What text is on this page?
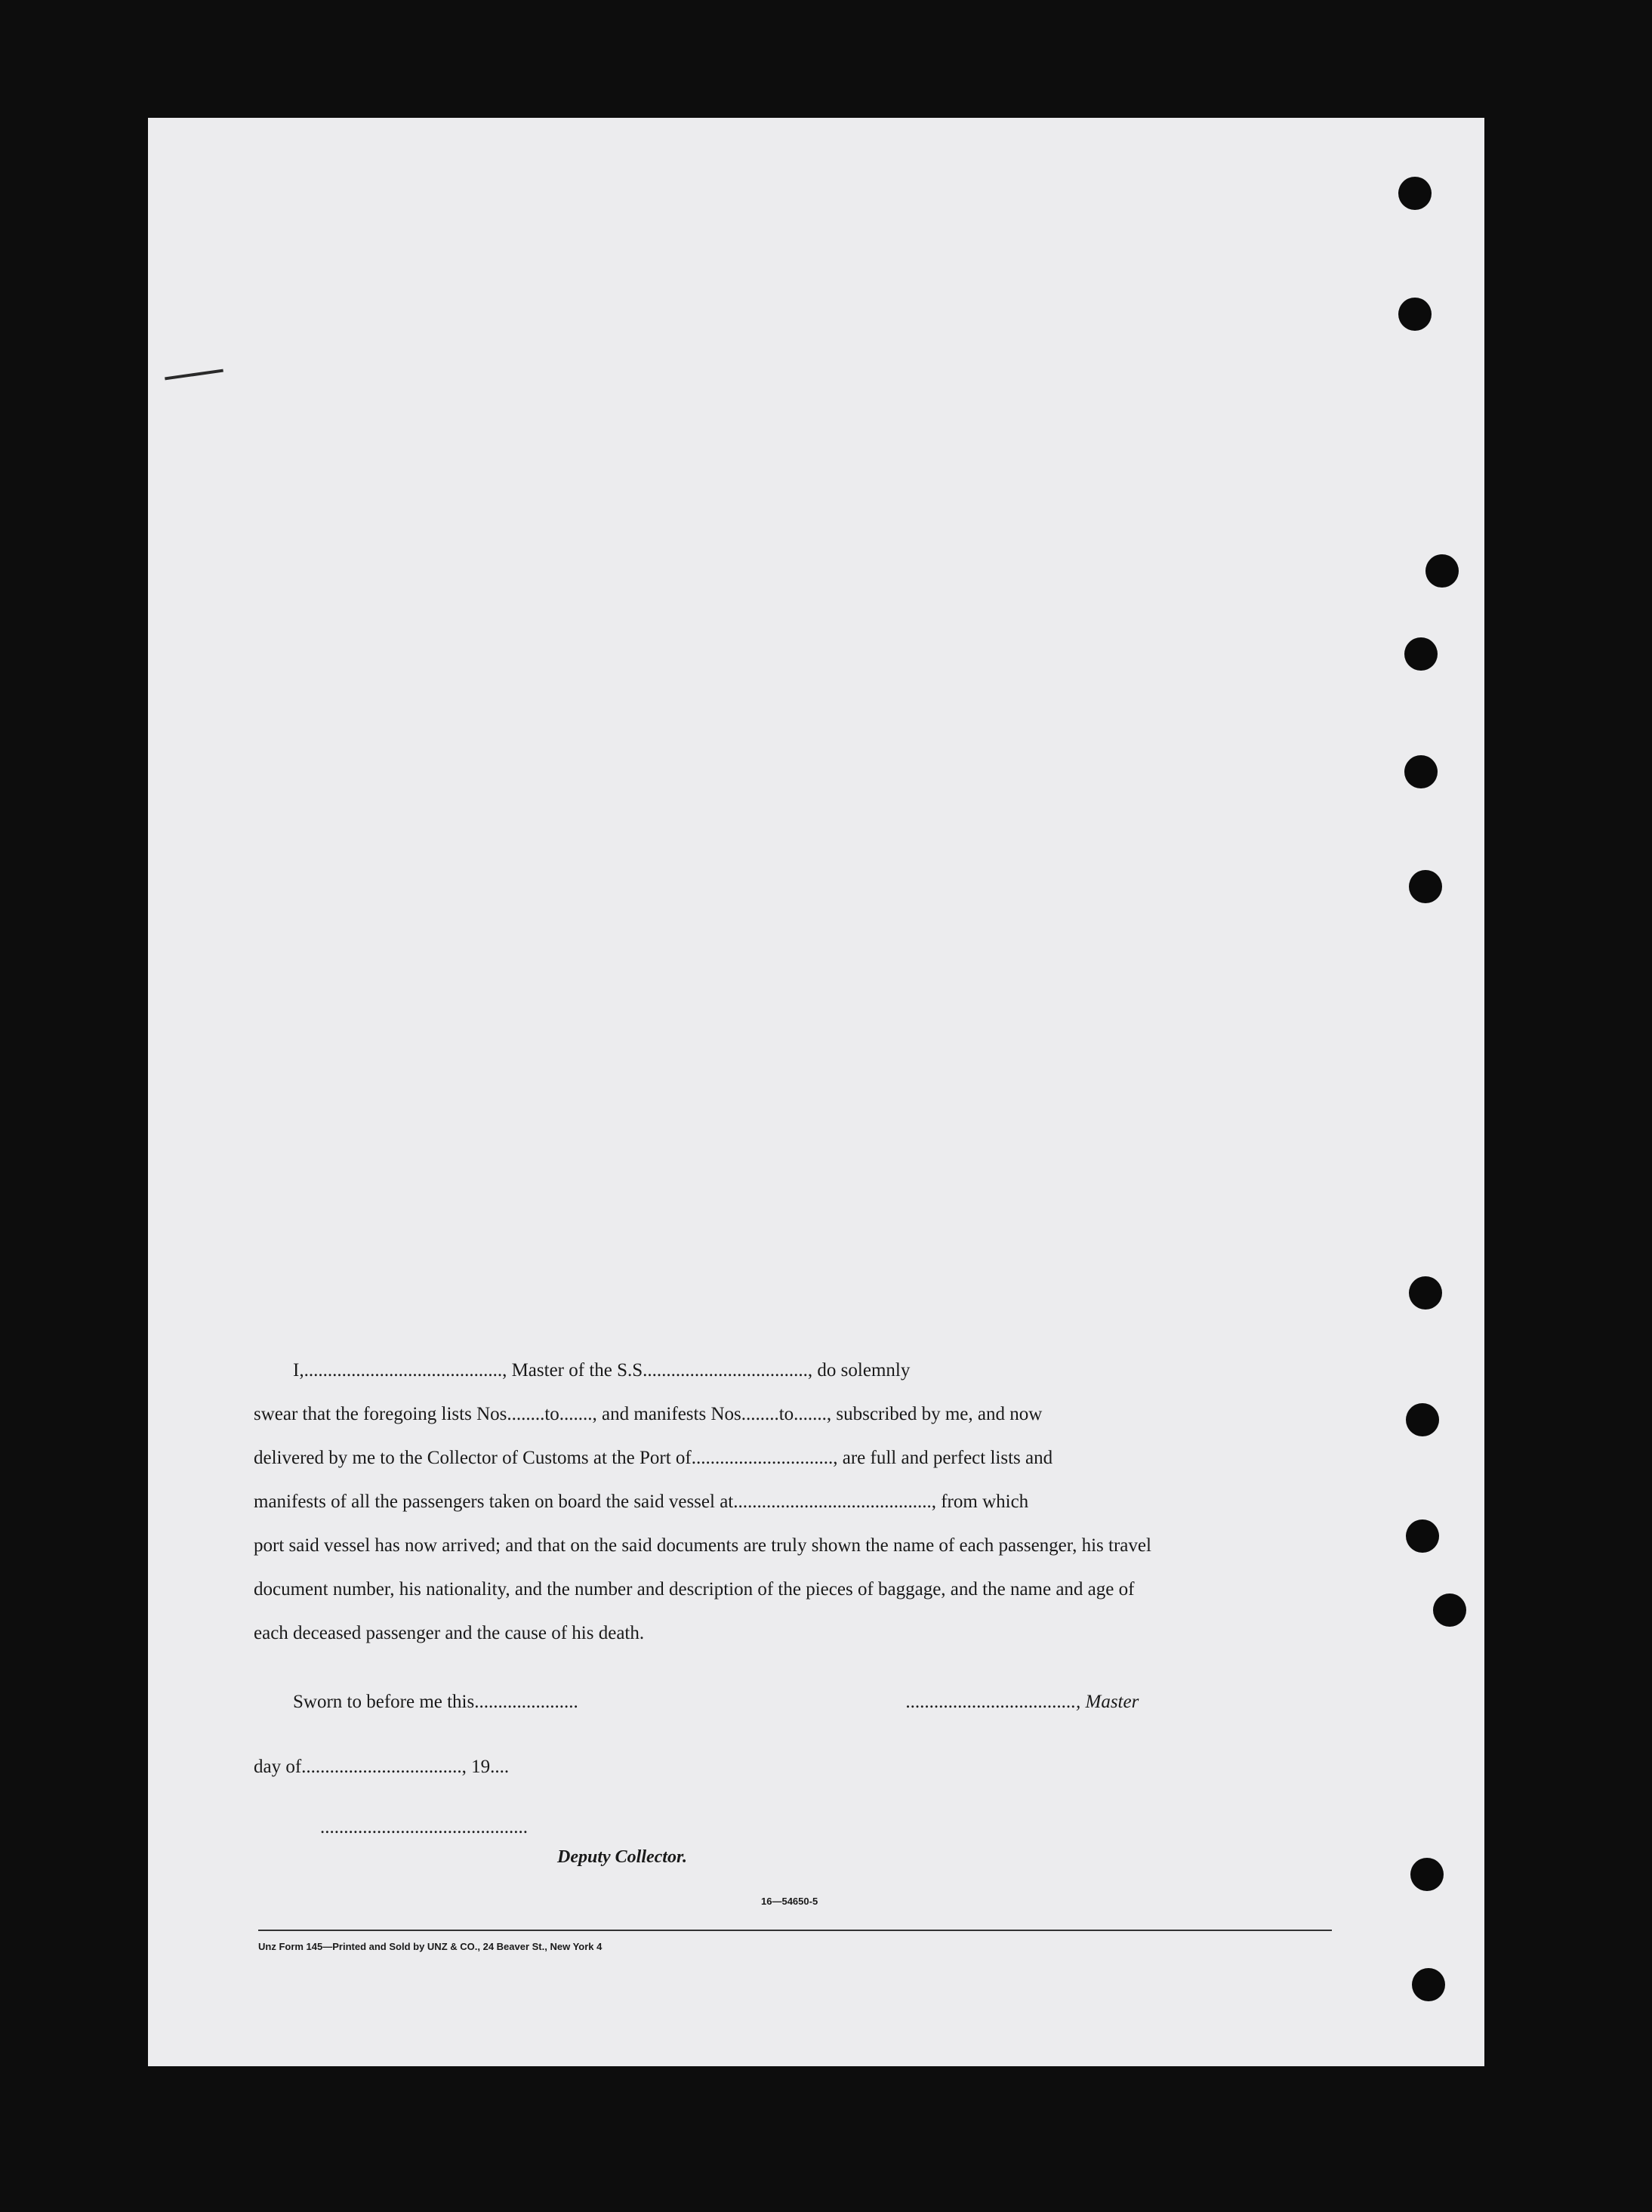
I,.........................................., Master of the S.S..................................., do solemnly
swear that the foregoing lists Nos........to......., and manifests Nos........to......., subscribed by me, and now
delivered by me to the Collector of Customs at the Port of.............................., are full and perfect lists and
manifests of all the passengers taken on board the said vessel at.........................................., from which
port said vessel has now arrived; and that on the said documents are truly shown the name of each passenger, his travel
document number, his nationality, and the number and description of the pieces of baggage, and the name and age of
each deceased passenger and the cause of his death.
Sworn to before me this......................	...................................., Master
day of.................................., 19....
............................................
Deputy Collector.
16—54650-5
Unz Form 145—Printed and Sold by UNZ & CO., 24 Beaver St., New York 4
